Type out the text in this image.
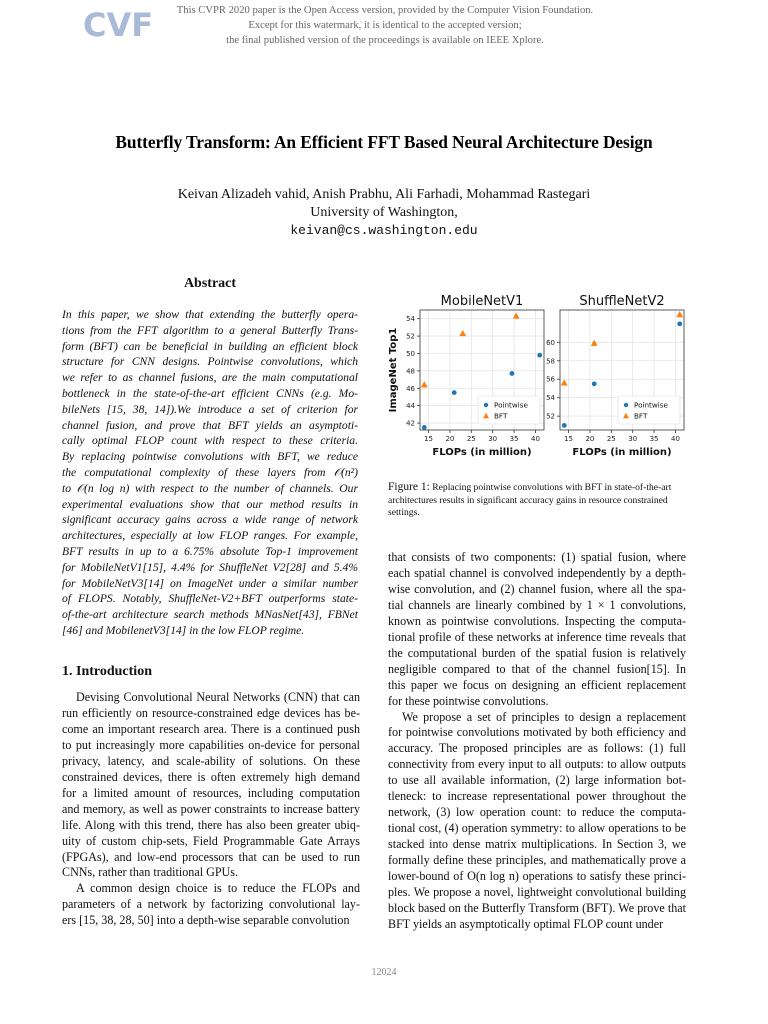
CVF	This CVPR 2020 paper is the Open Access version, provided by the Computer Vision Foundation.
Except for this watermark, it is identical to the accepted version;
the final published version of the proceedings is available on IEEE Xplore.
Butterfly Transform: An Efficient FFT Based Neural Architecture Design
Keivan Alizadeh vahid, Anish Prabhu, Ali Farhadi, Mohammad Rastegari
University of Washington,
keivan@cs.washington.edu
Abstract
In this paper, we show that extending the butterfly opera-
tions from the FFT algorithm to a general Butterfly Trans-
form (BFT) can be beneficial in building an efficient block
structure for CNN designs. Pointwise convolutions, which
we refer to as channel fusions, are the main computational
bottleneck in the state-of-the-art efficient CNNs (e.g. Mo-
bileNets [15, 38, 14]).We introduce a set of criterion for
channel fusion, and prove that BFT yields an asymptoti-
cally optimal FLOP count with respect to these criteria.
By replacing pointwise convolutions with BFT, we reduce
the computational complexity of these layers from 𝒪(n²)
to 𝒪(n log n) with respect to the number of channels. Our
experimental evaluations show that our method results in
significant accuracy gains across a wide range of network
architectures, especially at low FLOP ranges. For example,
BFT results in up to a 6.75% absolute Top-1 improvement
for MobileNetV1[15], 4.4% for ShuffleNet V2[28] and 5.4%
for MobileNetV3[14] on ImageNet under a similar number
of FLOPS. Notably, ShuffleNet-V2+BFT outperforms state-
of-the-art architecture search methods MNasNet[43], FBNet
[46] and MobilenetV3[14] in the low FLOP regime.
1. Introduction
Devising Convolutional Neural Networks (CNN) that can
run efficiently on resource-constrained edge devices has be-
come an important research area. There is a continued push
to put increasingly more capabilities on-device for personal
privacy, latency, and scale-ability of solutions. On these
constrained devices, there is often extremely high demand
for a limited amount of resources, including computation
and memory, as well as power constraints to increase battery
life. Along with this trend, there has also been greater ubiq-
uity of custom chip-sets, Field Programmable Gate Arrays
(FPGAs), and low-end processors that can be used to run
CNNs, rather than traditional GPUs.
A common design choice is to reduce the FLOPs and
parameters of a network by factorizing convolutional lay-
ers [15, 38, 28, 50] into a depth-wise separable convolution
15 20 25 30 35 40
42
44
46
48
50
52
54
MobileNetV1
FLOPs (in million)
ImageNet Top1	Pointwise
BFT
15 20 25 30 35 40
52
54
56
58
60
ShuffleNetV2
FLOPs (in million)
Pointwise
BFT
Figure 1: Replacing pointwise convolutions with BFT in state-of-the-art architectures results in significant accuracy gains in resource constrained settings.
that consists of two components: (1) spatial fusion, where
each spatial channel is convolved independently by a depth-
wise convolution, and (2) channel fusion, where all the spa-
tial channels are linearly combined by 1 × 1 convolutions,
known as pointwise convolutions. Inspecting the computa-
tional profile of these networks at inference time reveals that
the computational burden of the spatial fusion is relatively
negligible compared to that of the channel fusion[15]. In
this paper we focus on designing an efficient replacement
for these pointwise convolutions.
We propose a set of principles to design a replacement
for pointwise convolutions motivated by both efficiency and
accuracy. The proposed principles are as follows: (1) full
connectivity from every input to all outputs: to allow outputs
to use all available information, (2) large information bot-
tleneck: to increase representational power throughout the
network, (3) low operation count: to reduce the computa-
tional cost, (4) operation symmetry: to allow operations to be
stacked into dense matrix multiplications. In Section 3, we
formally define these principles, and mathematically prove a
lower-bound of O(n log n) operations to satisfy these princi-
ples. We propose a novel, lightweight convolutional building
block based on the Butterfly Transform (BFT). We prove that
BFT yields an asymptotically optimal FLOP count under
12024
